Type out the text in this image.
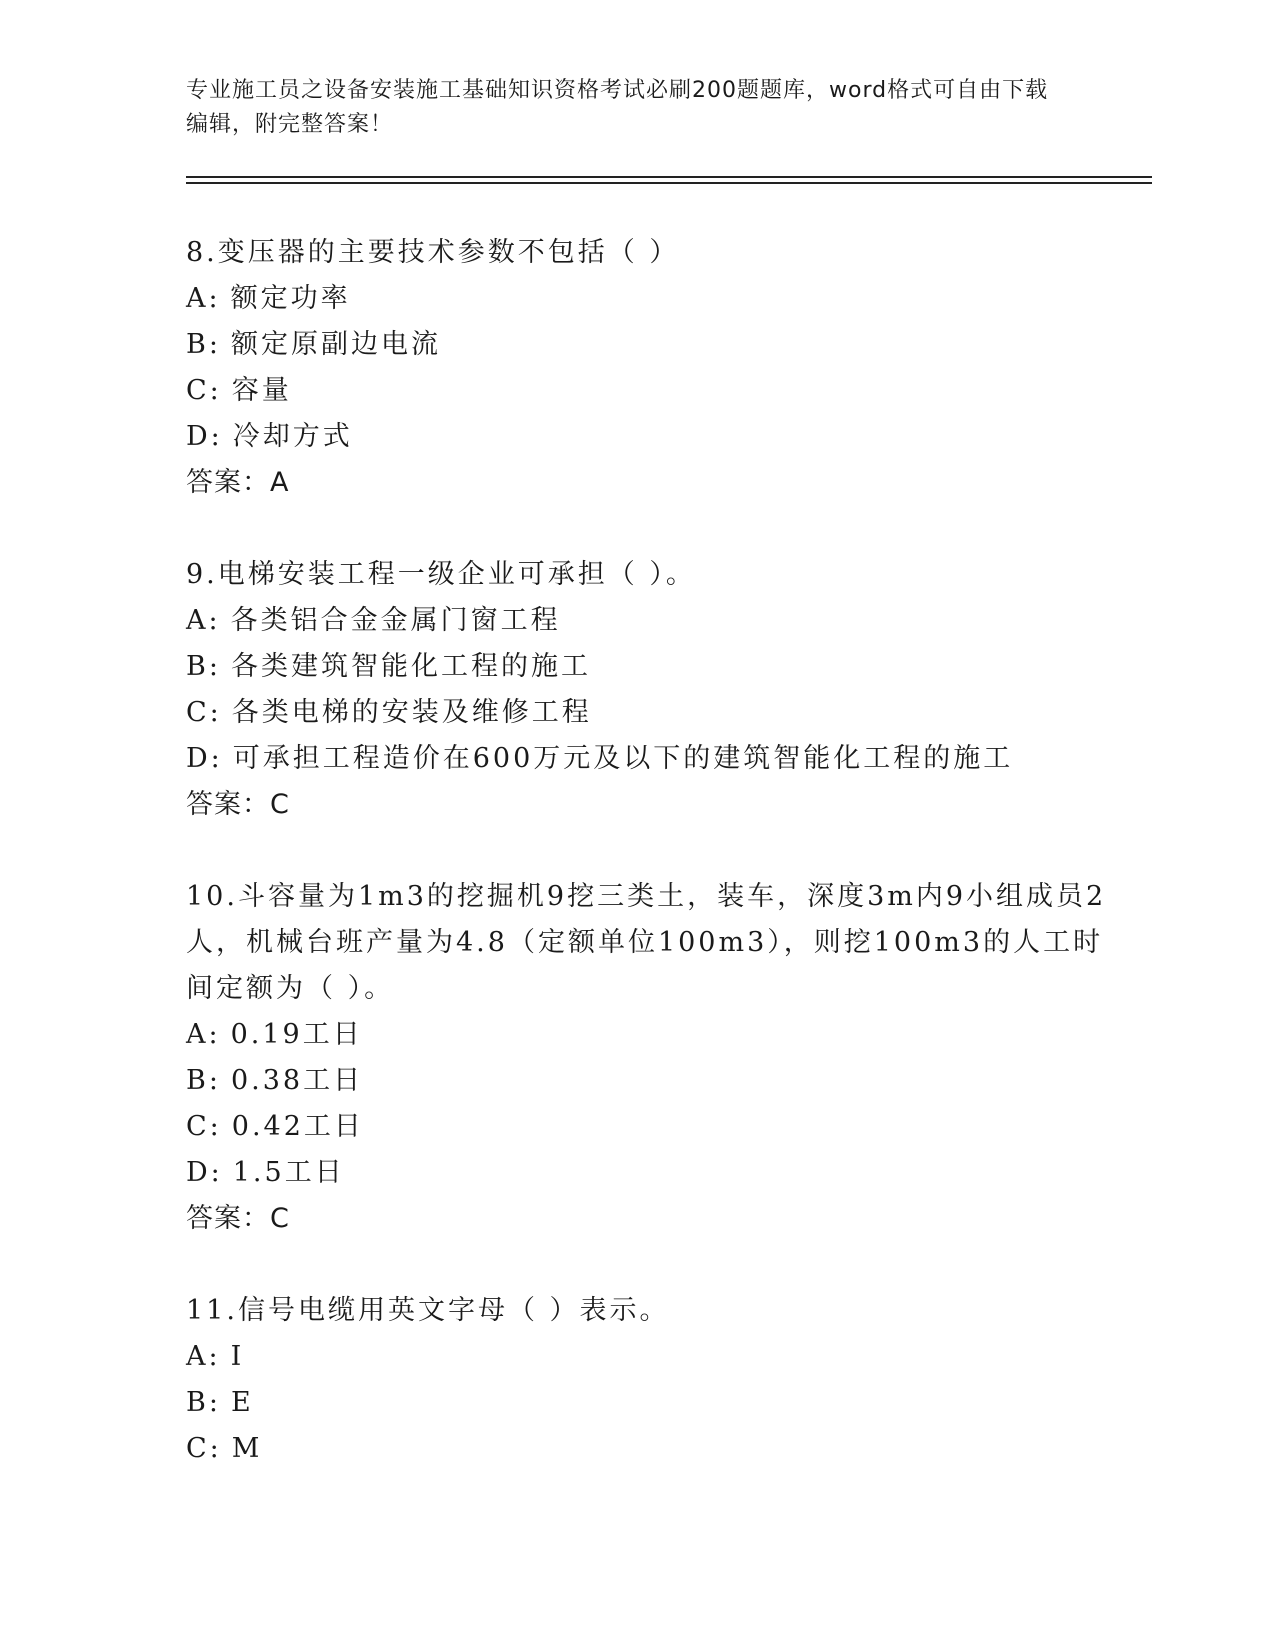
专业施工员之设备安装施工基础知识资格考试必刷200题题库，word格式可自由下载编辑，附完整答案！

8.变压器的主要技术参数不包括（ ）

A: 额定功率

B: 额定原副边电流

C: 容量

D: 冷却方式

答案：A

9.电梯安装工程一级企业可承担（ ）。

A: 各类铝合金金属门窗工程

B: 各类建筑智能化工程的施工

C: 各类电梯的安装及维修工程

D: 可承担工程造价在600万元及以下的建筑智能化工程的施工

答案：C

10.斗容量为1m3的挖掘机9挖三类土，装车，深度3m内9小组成员2人，机械台班产量为4.8（定额单位100m3），则挖100m3的人工时间定额为（ ）。

A: 0.19工日

B: 0.38工日

C: 0.42工日

D: 1.5工日

答案：C

11.信号电缆用英文字母（ ）表示。

A: I

B: E

C: M
